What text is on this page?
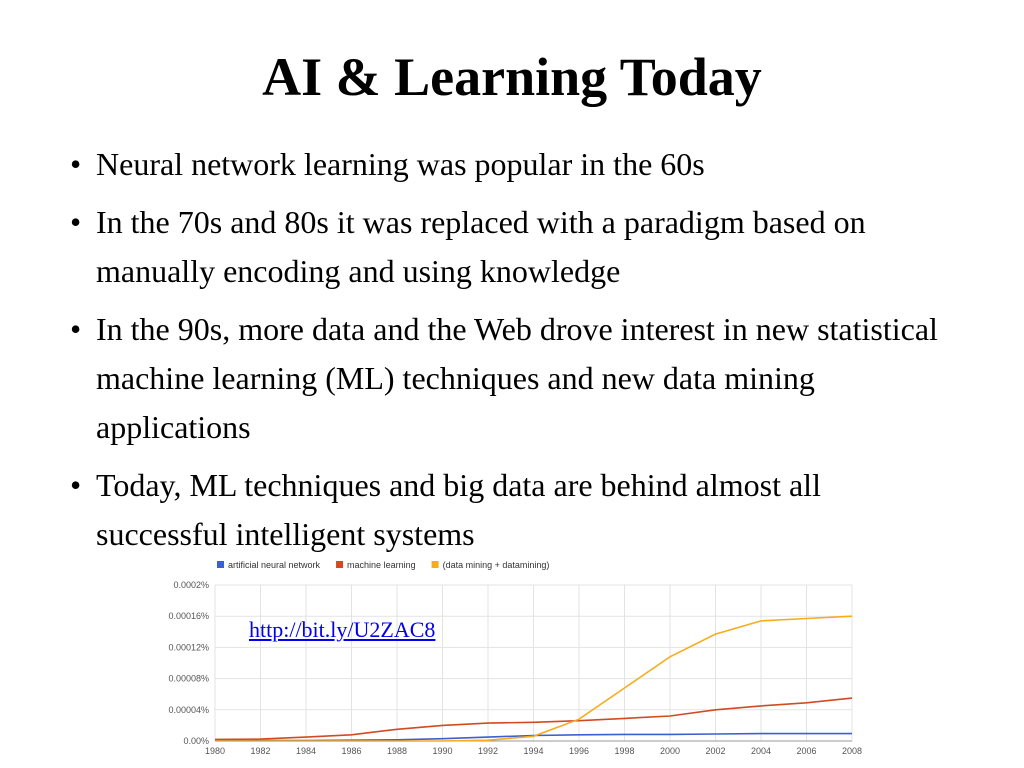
AI & Learning Today
• Neural network learning was popular in the 60s
• In the 70s and 80s it was replaced with a paradigm based on manually encoding and using knowledge
• In the 90s, more data and the Web drove interest in new statistical machine learning (ML) techniques and new data mining applications
• Today, ML techniques and big data are behind almost all successful intelligent systems
0.00%
0.00004%
0.00008%
0.00012%
0.00016%
0.0002%
1980	1982	1984	1986	1988	1990	1992	1994	1996	1998	2000	2002	2004	2006	2008
artificial neural network	machine learning	(data mining + datamining)
http://bit.ly/U2ZAC8
